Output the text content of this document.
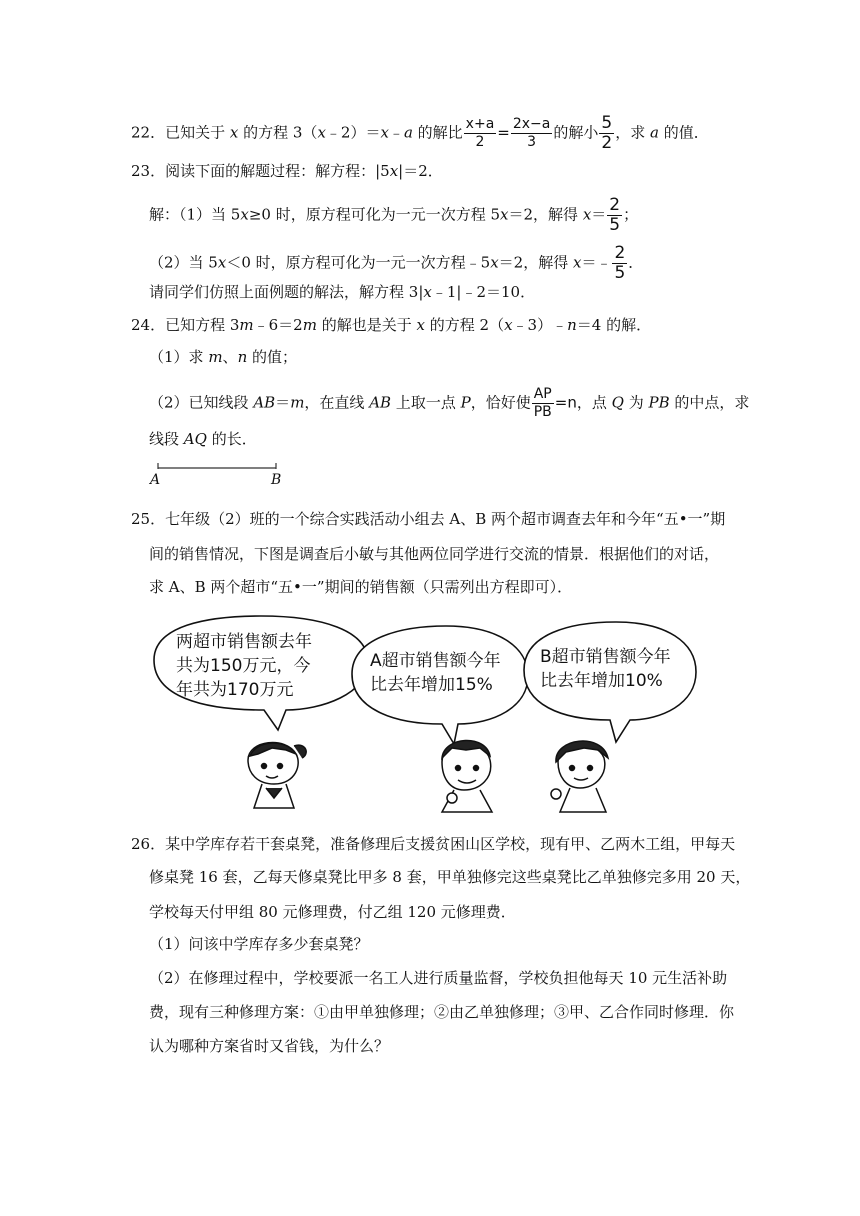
22．已知关于 x 的方程 3（x﹣2）＝x﹣a 的解比 $\frac{x+a}{2} = \frac{2x-a}{3}$ 的解小 $\frac{5}{2}$ ，求 a 的值．
23．阅读下面的解题过程：解方程：|5x|＝2．
解：（1）当 5x≥0 时，原方程可化为一元一次方程 5x＝2，解得 $x= \frac{2}{5}$ ；
（2）当 5x＜0 时，原方程可化为一元一次方程﹣5x＝2，解得 x＝﹣ $\frac{2}{5}$ ．
请同学们仿照上面例题的解法，解方程 3|x﹣1|﹣2＝10．
24．已知方程 3m﹣6＝2m 的解也是关于 x 的方程 2（x﹣3）﹣n＝4 的解．
（1）求 m、n 的值；
（2）已知线段 AB＝m，在直线 AB 上取一点 P，恰好使 $\frac{AP}{PB} =n$，点 Q 为 PB 的中点，求
线段 AQ 的长．
A	B
25．七年级（2）班的一个综合实践活动小组去 A、B 两个超市调查去年和今年“五•一”期
间的销售情况，下图是调查后小敏与其他两位同学进行交流的情景．根据他们的对话，
求 A、B 两个超市“五•一”期间的销售额（只需列出方程即可）．
两超市销售额去年
共为150万元，今
年共为170万元
A超市销售额今年
比去年增加15%
B超市销售额今年
比去年增加10%
26．某中学库存若干套桌凳，准备修理后支援贫困山区学校，现有甲、乙两木工组，甲每天
修桌凳 16 套，乙每天修桌凳比甲多 8 套，甲单独修完这些桌凳比乙单独修完多用 20 天，
学校每天付甲组 80 元修理费，付乙组 120 元修理费．
（1）问该中学库存多少套桌凳？
（2）在修理过程中，学校要派一名工人进行质量监督，学校负担他每天 10 元生活补助
费，现有三种修理方案：①由甲单独修理；②由乙单独修理；③甲、乙合作同时修理．你
认为哪种方案省时又省钱，为什么？
